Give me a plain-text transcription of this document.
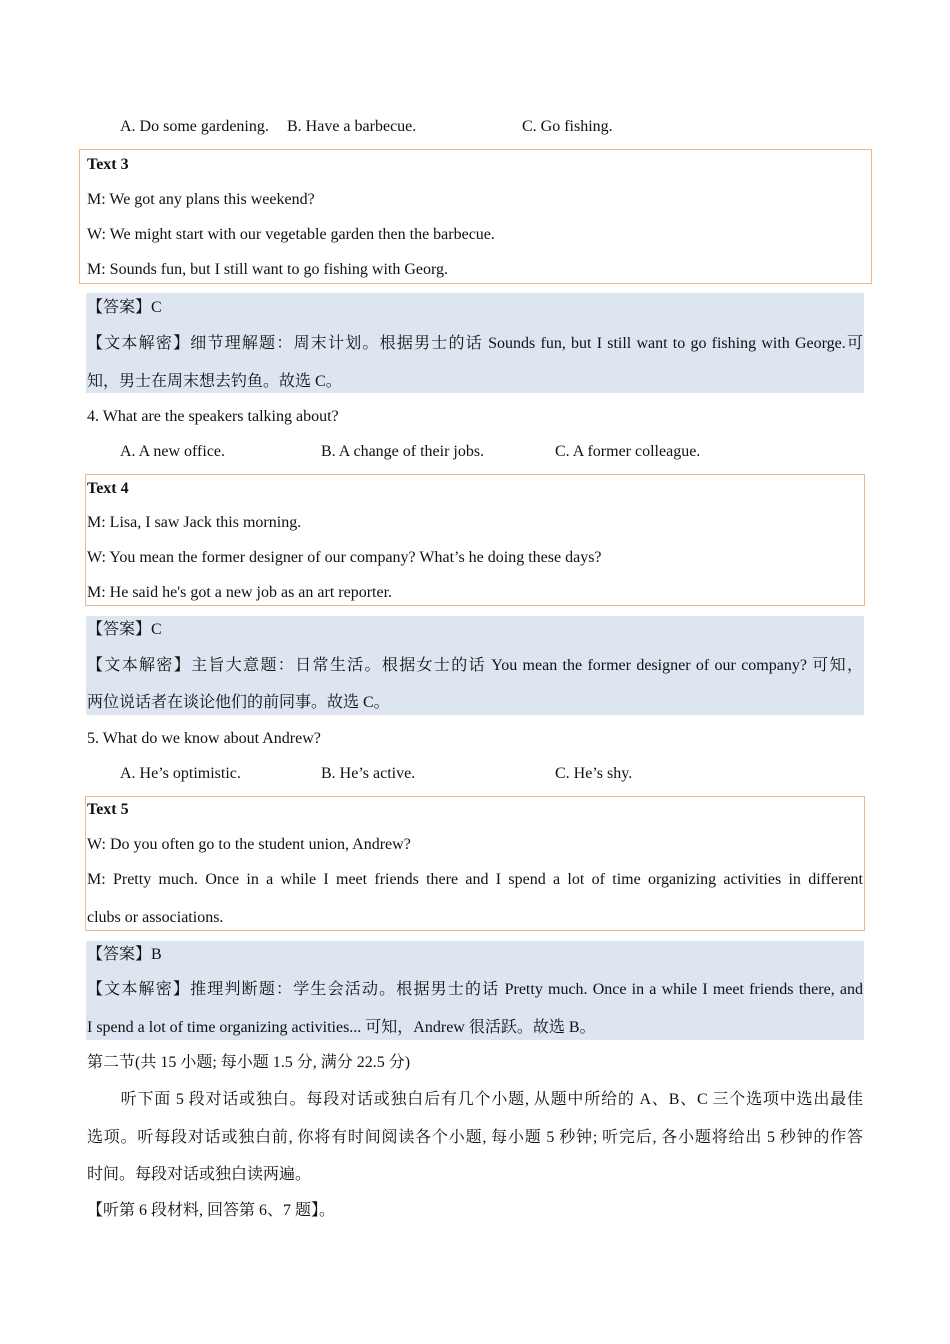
A. Do some gardening. B. Have a barbecue.	C. Go fishing.
Text 3
M: We got any plans this weekend?
W: We might start with our vegetable garden then the barbecue.
M: Sounds fun, but I still want to go fishing with Georg.
【答案】C
【文本解密】细节理解题：周末计划。根据男士的话 Sounds fun, but I still want to go fishing with George.可
知，男士在周末想去钓鱼。故选 C。
4. What are the speakers talking about?
A. A new office.	B. A change of their jobs.	C. A former colleague.
Text 4
M: Lisa, I saw Jack this morning.
W: You mean the former designer of our company? What’s he doing these days?
M: He said he's got a new job as an art reporter.
【答案】C
【文本解密】主旨大意题：日常生活。根据女士的话 You mean the former designer of our company? 可知，
两位说话者在谈论他们的前同事。故选 C。
5. What do we know about Andrew?
A. He’s optimistic.	B. He’s active.	C. He’s shy.
Text 5
W: Do you often go to the student union, Andrew?
M: Pretty much. Once in a while I meet friends there and I spend a lot of time organizing activities in different
clubs or associations.
【答案】B
【文本解密】推理判断题：学生会活动。根据男士的话 Pretty much. Once in a while I meet friends there, and
I spend a lot of time organizing activities... 可知，Andrew 很活跃。故选 B。
第二节(共 15 小题; 每小题 1.5 分, 满分 22.5 分)
　　听下面 5 段对话或独白。每段对话或独白后有几个小题, 从题中所给的 A、B、C 三个选项中选出最佳
选项。听每段对话或独白前, 你将有时间阅读各个小题, 每小题 5 秒钟; 听完后, 各小题将给出 5 秒钟的作答
时间。每段对话或独白读两遍。
【听第 6 段材料, 回答第 6、7 题】。
